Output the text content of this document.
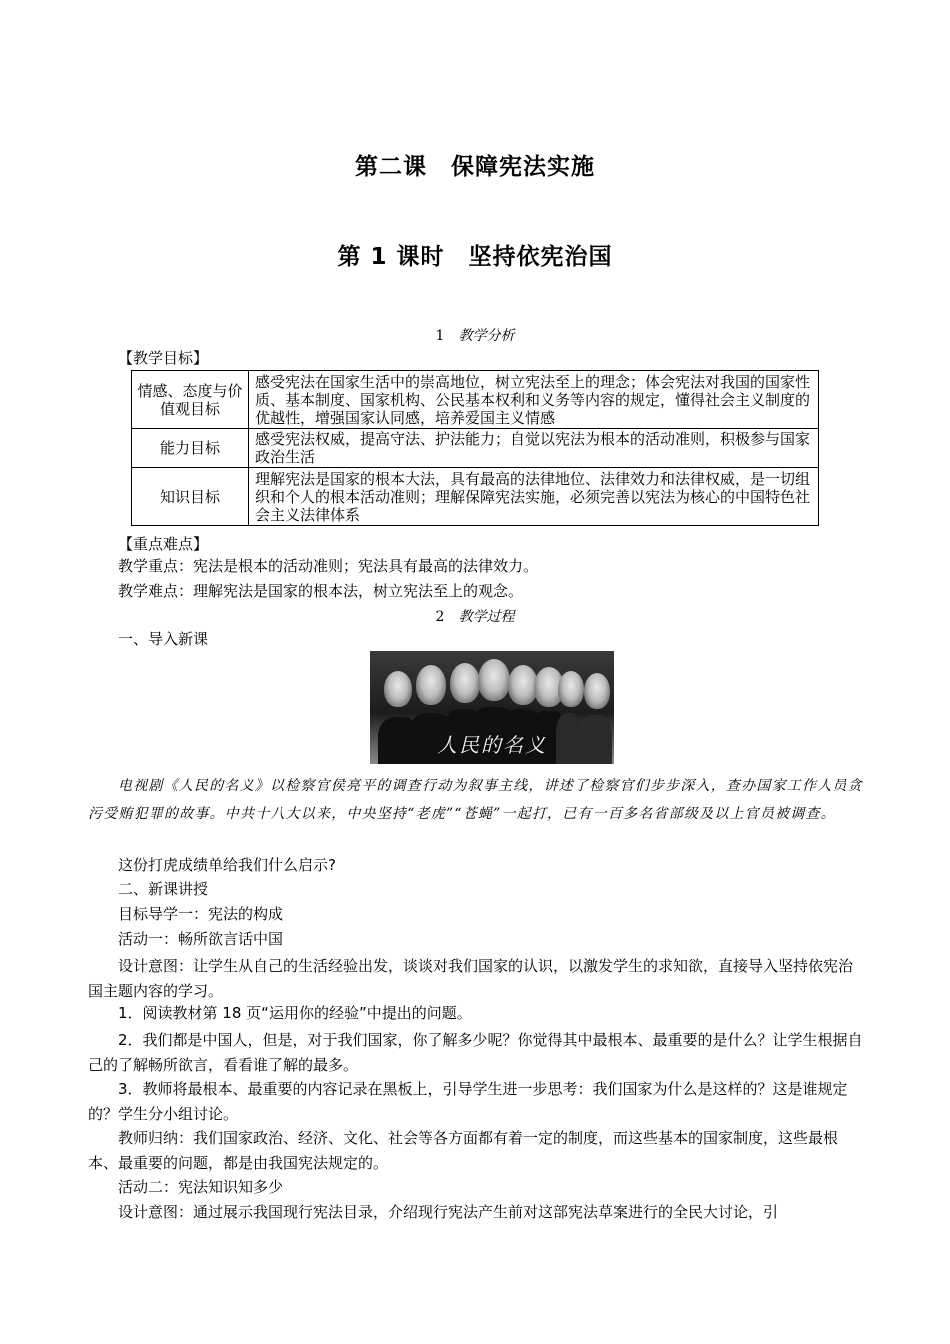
第二课　保障宪法实施
第 1 课时　坚持依宪治国
1 教学分析
【教学目标】
情感、态度与价值观目标	感受宪法在国家生活中的崇高地位，树立宪法至上的理念；体会宪法对我国的国家性质、基本制度、国家机构、公民基本权利和义务等内容的规定，懂得社会主义制度的优越性，增强国家认同感，培养爱国主义情感
能力目标	感受宪法权威，提高守法、护法能力；自觉以宪法为根本的活动准则，积极参与国家政治生活
知识目标	理解宪法是国家的根本大法，具有最高的法律地位、法律效力和法律权威，是一切组织和个人的根本活动准则；理解保障宪法实施，必须完善以宪法为核心的中国特色社会主义法律体系
【重点难点】
教学重点：宪法是根本的活动准则；宪法具有最高的法律效力。
教学难点：理解宪法是国家的根本法，树立宪法至上的观念。
2 教学过程
一、导入新课
人民的名义
电视剧《人民的名义》以检察官侯亮平的调查行动为叙事主线，讲述了检察官们步步深入，查办国家工作人员贪污受贿犯罪的故事。中共十八大以来，中央坚持“老虎”“苍蝇”一起打，已有一百多名省部级及以上官员被调查。
这份打虎成绩单给我们什么启示?
二、新课讲授
目标导学一：宪法的构成
活动一：畅所欲言话中国
设计意图：让学生从自己的生活经验出发，谈谈对我们国家的认识，以激发学生的求知欲，直接导入坚持依宪治国主题内容的学习。
1．阅读教材第 18 页“运用你的经验”中提出的问题。
2．我们都是中国人，但是，对于我们国家，你了解多少呢？你觉得其中最根本、最重要的是什么？让学生根据自己的了解畅所欲言，看看谁了解的最多。
3．教师将最根本、最重要的内容记录在黑板上，引导学生进一步思考：我们国家为什么是这样的？这是谁规定的？学生分小组讨论。
教师归纳：我们国家政治、经济、文化、社会等各方面都有着一定的制度，而这些基本的国家制度，这些最根本、最重要的问题，都是由我国宪法规定的。
活动二：宪法知识知多少
设计意图：通过展示我国现行宪法目录，介绍现行宪法产生前对这部宪法草案进行的全民大讨论，引
